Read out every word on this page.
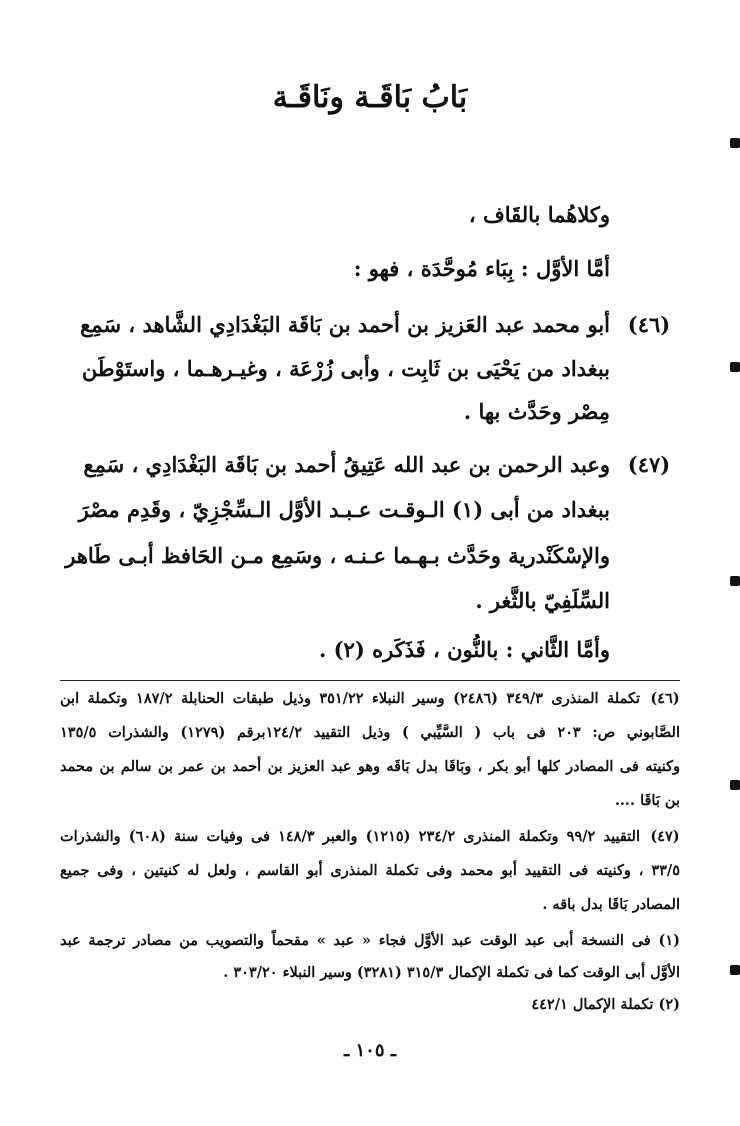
بَابُ بَاقَـة ونَاقَـة
وكلاهُما بالقَاف ،
أمَّا الأوَّل : بِبَاء مُوحَّدَة ، فهو :
(٤٦)
أبو محمد عبد العَزيز بن أحمد بن بَاقَة البَغْدَادِي الشَّاهد ، سَمِع
ببغداد من يَحْيَى بن ثَابِت ، وأبى زُرْعَة ، وغيـرهـما ، واستَوْطَن
مِصْر وحَدَّث بها .
(٤٧)
وعبد الرحمن بن عبد الله عَتِيقُ أحمد بن بَاقَة البَغْدَادِي ، سَمِع
ببغداد من أبى (١) الـوقـت عـبـد الأوَّل الـسِّجْزِيّ ، وقَدِم مصْرَ
والإسْكَنْدرية وحَدَّث بـهـما عـنـه ، وسَمِع مـن الحَافظ أبـى طَاهر
السِّلَفِيّ بالثَّغر .
وأمَّا الثَّاني : بالنُّون ، فَذَكَره (٢) .
(٤٦)
تكملة المنذرى ٣٤٩/٣ (٢٤٨٦) وسير النبلاء ٣٥١/٢٢ وذيل طبقات الحنابلة ١٨٧/٢ وتكملة ابن
الصَّابوني ص: ٢٠٣ فى باب ( السَّيِّبي ) وذيل التقييد ١٢٤/٢برقم (١٢٧٩) والشذرات ١٣٥/٥
وكنيته فى المصادر كلها أبو بكر ، وبَاقَا بدل بَاقَه وهو عبد العزيز بن أحمد بن عمر بن سالم بن محمد
بن بَاقَا ....
(٤٧)
التقييد ٩٩/٢ وتكملة المنذرى ٢٣٤/٢ (١٢١٥) والعبر ١٤٨/٣ فى وفيات سنة (٦٠٨) والشذرات
٣٣/٥ ، وكنيته فى التقييد أبو محمد وفى تكملة المنذرى أبو القاسم ، ولعل له كنيتين ، وفى جميع
المصادر بَاقَا بدل باقه .
(١) فى النسخة أبى عبد الوقت عبد الأوَّل فجاء « عبد » مقحماً والتصويب من مصادر ترجمة عبد
الأوَّل أبى الوقت كما فى تكملة الإكمال ٣١٥/٣ (٣٢٨١) وسير النبلاء ٣٠٣/٢٠ .
(٢) تكملة الإكمال ٤٤٢/١
ـ ١٠٥ ـ
